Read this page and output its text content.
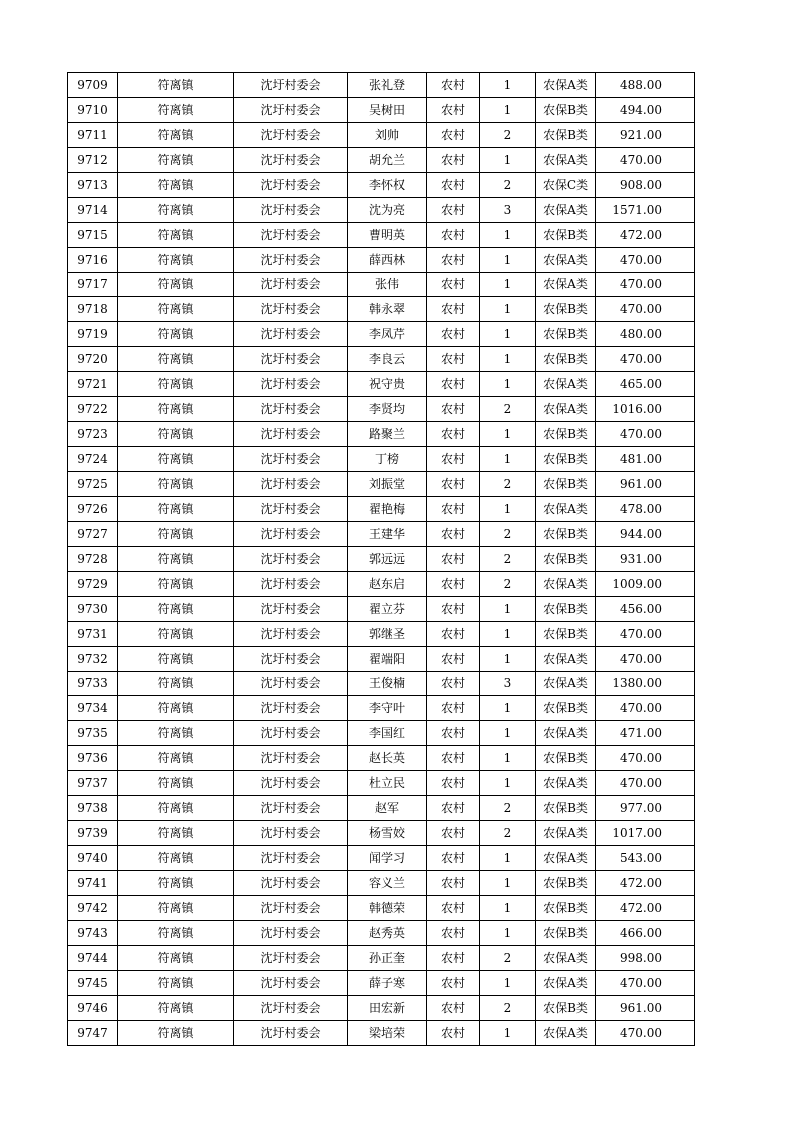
9709	符离镇	沈圩村委会	张礼登	农村	1	农保A类	488.00
9710	符离镇	沈圩村委会	吴树田	农村	1	农保B类	494.00
9711	符离镇	沈圩村委会	刘帅	农村	2	农保B类	921.00
9712	符离镇	沈圩村委会	胡允兰	农村	1	农保A类	470.00
9713	符离镇	沈圩村委会	李怀权	农村	2	农保C类	908.00
9714	符离镇	沈圩村委会	沈为亮	农村	3	农保A类	1571.00
9715	符离镇	沈圩村委会	曹明英	农村	1	农保B类	472.00
9716	符离镇	沈圩村委会	薛西林	农村	1	农保A类	470.00
9717	符离镇	沈圩村委会	张伟	农村	1	农保A类	470.00
9718	符离镇	沈圩村委会	韩永翠	农村	1	农保B类	470.00
9719	符离镇	沈圩村委会	李凤芹	农村	1	农保B类	480.00
9720	符离镇	沈圩村委会	李良云	农村	1	农保B类	470.00
9721	符离镇	沈圩村委会	祝守贵	农村	1	农保A类	465.00
9722	符离镇	沈圩村委会	李贤均	农村	2	农保A类	1016.00
9723	符离镇	沈圩村委会	路聚兰	农村	1	农保B类	470.00
9724	符离镇	沈圩村委会	丁榜	农村	1	农保B类	481.00
9725	符离镇	沈圩村委会	刘振堂	农村	2	农保B类	961.00
9726	符离镇	沈圩村委会	翟艳梅	农村	1	农保A类	478.00
9727	符离镇	沈圩村委会	王建华	农村	2	农保B类	944.00
9728	符离镇	沈圩村委会	郭远远	农村	2	农保B类	931.00
9729	符离镇	沈圩村委会	赵东启	农村	2	农保A类	1009.00
9730	符离镇	沈圩村委会	翟立芬	农村	1	农保B类	456.00
9731	符离镇	沈圩村委会	郭继圣	农村	1	农保B类	470.00
9732	符离镇	沈圩村委会	翟端阳	农村	1	农保A类	470.00
9733	符离镇	沈圩村委会	王俊楠	农村	3	农保A类	1380.00
9734	符离镇	沈圩村委会	李守叶	农村	1	农保B类	470.00
9735	符离镇	沈圩村委会	李国红	农村	1	农保A类	471.00
9736	符离镇	沈圩村委会	赵长英	农村	1	农保B类	470.00
9737	符离镇	沈圩村委会	杜立民	农村	1	农保A类	470.00
9738	符离镇	沈圩村委会	赵军	农村	2	农保B类	977.00
9739	符离镇	沈圩村委会	杨雪姣	农村	2	农保A类	1017.00
9740	符离镇	沈圩村委会	闻学习	农村	1	农保A类	543.00
9741	符离镇	沈圩村委会	容义兰	农村	1	农保B类	472.00
9742	符离镇	沈圩村委会	韩德荣	农村	1	农保B类	472.00
9743	符离镇	沈圩村委会	赵秀英	农村	1	农保B类	466.00
9744	符离镇	沈圩村委会	孙正奎	农村	2	农保A类	998.00
9745	符离镇	沈圩村委会	薛子寒	农村	1	农保A类	470.00
9746	符离镇	沈圩村委会	田宏新	农村	2	农保B类	961.00
9747	符离镇	沈圩村委会	梁培荣	农村	1	农保A类	470.00
